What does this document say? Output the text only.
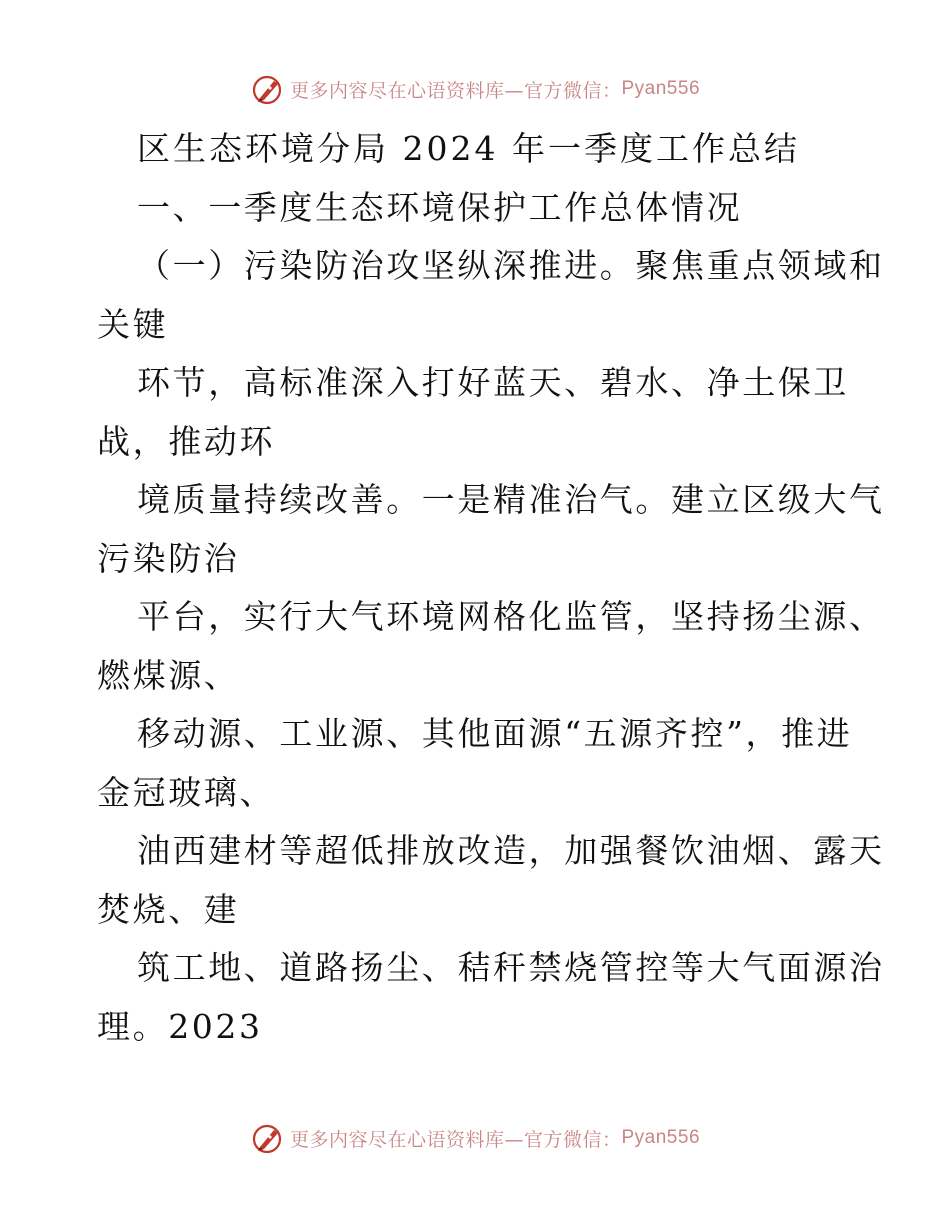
更多内容尽在心语资料库—官方微信： Pyan556
区生态环境分局 2024 年一季度工作总结
一、一季度生态环境保护工作总体情况
（一）污染防治攻坚纵深推进。聚焦重点领域和
关键
环节，高标准深入打好蓝天、碧水、净土保卫
战，推动环
境质量持续改善。一是精准治气。建立区级大气
污染防治
平台，实行大气环境网格化监管，坚持扬尘源、
燃煤源、
移动源、工业源、其他面源“五源齐控”，推进
金冠玻璃、
油西建材等超低排放改造，加强餐饮油烟、露天
焚烧、建
筑工地、道路扬尘、秸秆禁烧管控等大气面源治
理。2023
更多内容尽在心语资料库—官方微信： Pyan556
